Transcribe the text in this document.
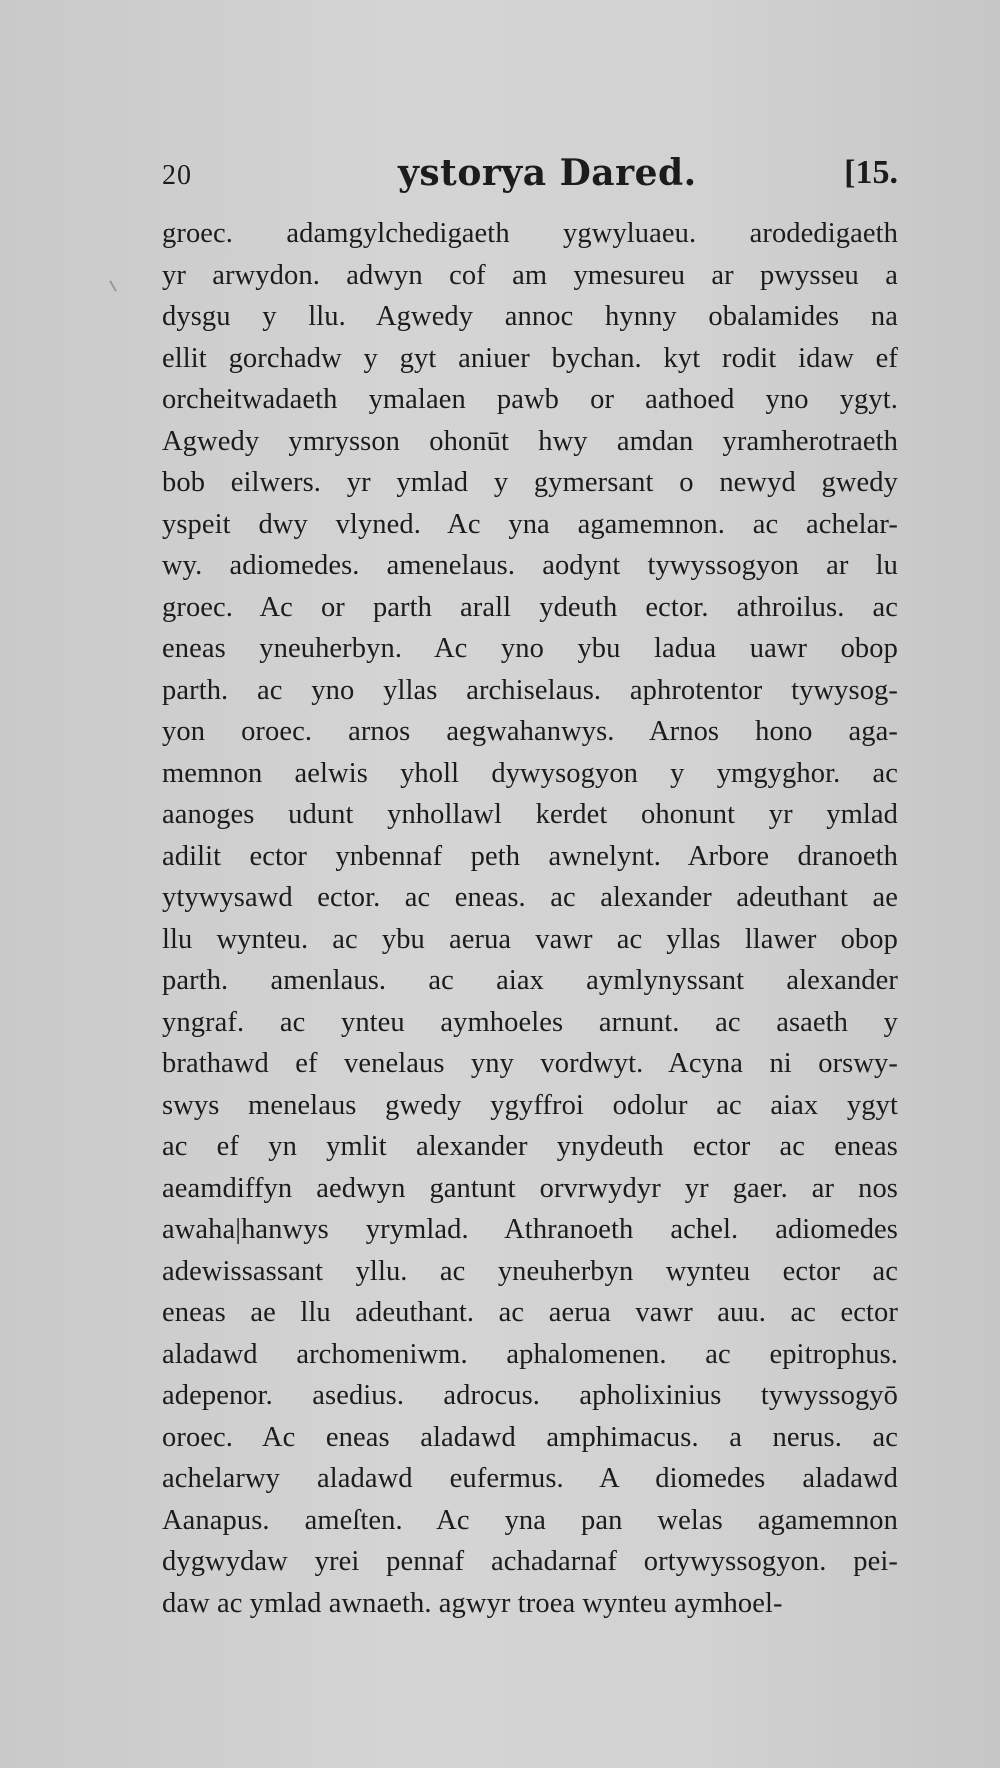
20	ystorya Dared.	[15.
groec. adamgylchedigaeth ygwyluaeu. arodedigaeth
yr arwydon. adwyn cof am ymesureu ar pwysseu a
dysgu y llu. Agwedy annoc hynny obalamides na
ellit gorchadw y gyt aniuer bychan. kyt rodit idaw ef
orcheitwadaeth ymalaen pawb or aathoed yno ygyt.
Agwedy ymrysson ohonūt hwy amdan yramherotraeth
bob eilwers. yr ymlad y gymersant o newyd gwedy
yspeit dwy vlyned. Ac yna agamemnon. ac achelar-
wy. adiomedes. amenelaus. aodynt tywyssogyon ar lu
groec. Ac or parth arall ydeuth ector. athroilus. ac
eneas yneuherbyn. Ac yno ybu ladua uawr obop
parth. ac yno yllas archiselaus. aphrotentor tywysog-
yon oroec. arnos aegwahanwys. Arnos hono aga-
memnon aelwis yholl dywysogyon y ymgyghor. ac
aanoges udunt ynhollawl kerdet ohonunt yr ymlad
adilit ector ynbennaf peth awnelynt. Arbore dranoeth
ytywysawd ector. ac eneas. ac alexander adeuthant ae
llu wynteu. ac ybu aerua vawr ac yllas llawer obop
parth. amenlaus. ac aiax aymlynyssant alexander
yngraf. ac ynteu aymhoeles arnunt. ac asaeth y
brathawd ef venelaus yny vordwyt. Acyna ni orswy-
swys menelaus gwedy ygyffroi odolur ac aiax ygyt
ac ef yn ymlit alexander ynydeuth ector ac eneas
aeamdiffyn aedwyn gantunt orvrwydyr yr gaer. ar nos
awaha|hanwys yrymlad. Athranoeth achel. adiomedes
adewissassant yllu. ac yneuherbyn wynteu ector ac
eneas ae llu adeuthant. ac aerua vawr auu. ac ector
aladawd archomeniwm. aphalomenen. ac epitrophus.
adepenor. asedius. adrocus. apholixinius tywyssogyō
oroec. Ac eneas aladawd amphimacus. a nerus. ac
achelarwy aladawd eufermus. A diomedes aladawd
Aanapus. ameſten. Ac yna pan welas agamemnon
dygwydaw yrei pennaf achadarnaf ortywyssogyon. pei-
daw ac ymlad awnaeth. agwyr troea wynteu aymhoel-
